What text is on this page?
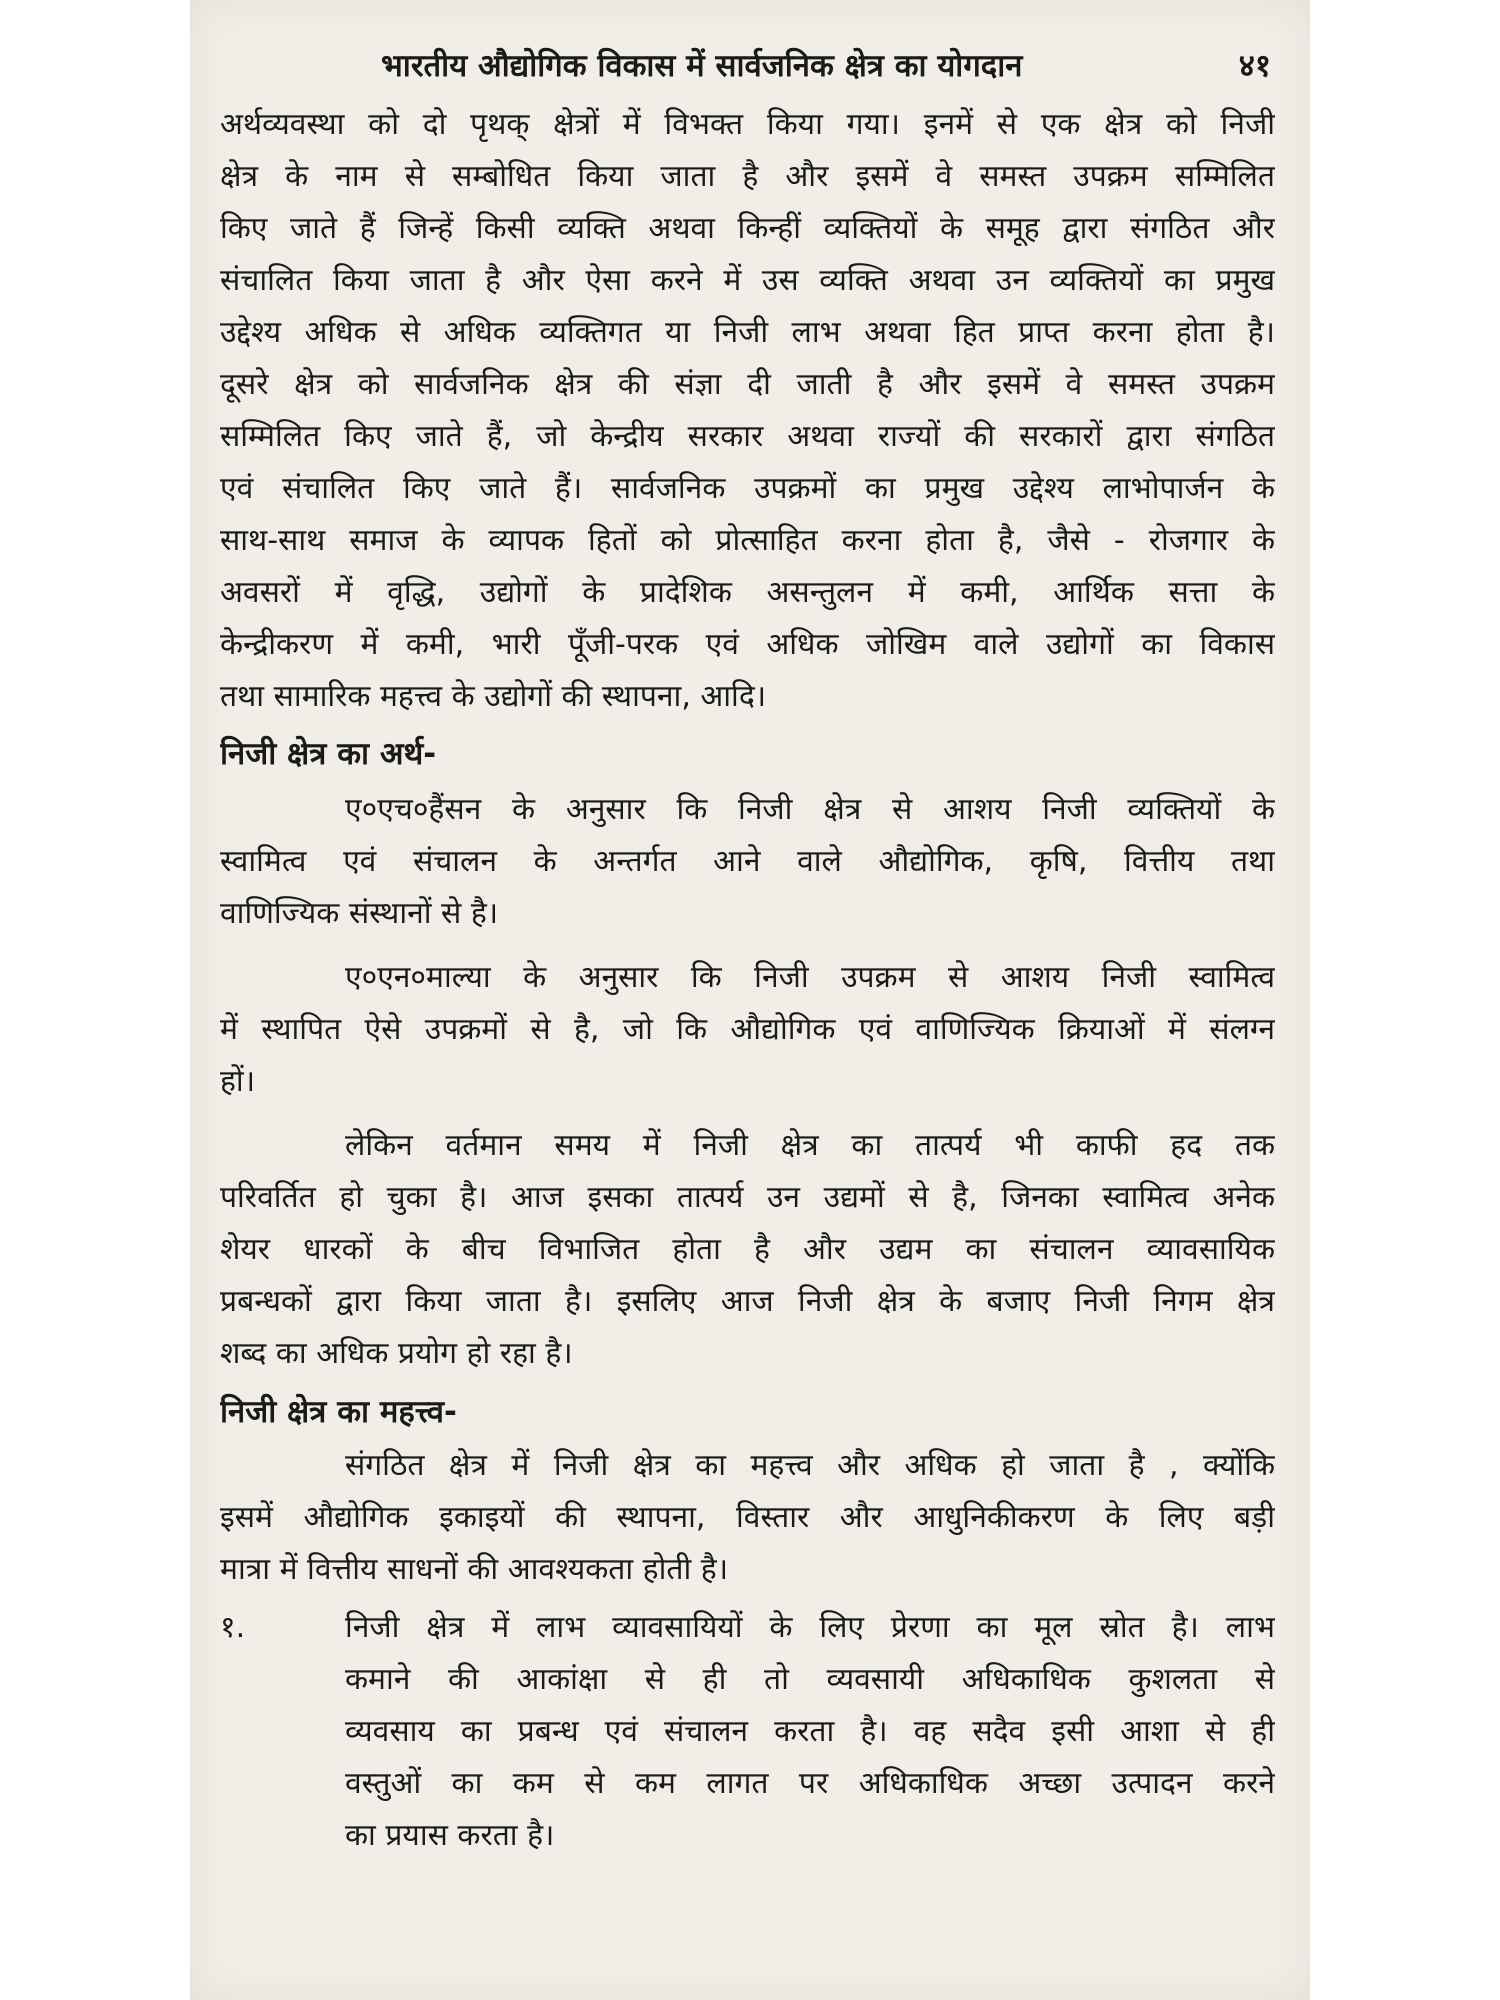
भारतीय औद्योगिक विकास में सार्वजनिक क्षेत्र का योगदान	४१
अर्थव्यवस्था को दो पृथक् क्षेत्रों में विभक्त किया गया। इनमें से एक क्षेत्र को निजी
क्षेत्र के नाम से सम्बोधित किया जाता है और इसमें वे समस्त उपक्रम सम्मिलित
किए जाते हैं जिन्हें किसी व्यक्ति अथवा किन्हीं व्यक्तियों के समूह द्वारा संगठित और
संचालित किया जाता है और ऐसा करने में उस व्यक्ति अथवा उन व्यक्तियों का प्रमुख
उद्देश्य अधिक से अधिक व्यक्तिगत या निजी लाभ अथवा हित प्राप्त करना होता है।
दूसरे क्षेत्र को सार्वजनिक क्षेत्र की संज्ञा दी जाती है और इसमें वे समस्त उपक्रम
सम्मिलित किए जाते हैं, जो केन्द्रीय सरकार अथवा राज्यों की सरकारों द्वारा संगठित
एवं संचालित किए जाते हैं। सार्वजनिक उपक्रमों का प्रमुख उद्देश्य लाभोपार्जन के
साथ-साथ समाज के व्यापक हितों को प्रोत्साहित करना होता है, जैसे - रोजगार के
अवसरों में वृद्धि, उद्योगों के प्रादेशिक असन्तुलन में कमी, आर्थिक सत्ता के
केन्द्रीकरण में कमी, भारी पूँजी-परक एवं अधिक जोखिम वाले उद्योगों का विकास
तथा सामारिक महत्त्व के उद्योगों की स्थापना, आदि।
निजी क्षेत्र का अर्थ-
ए०एच०हैंसन के अनुसार कि निजी क्षेत्र से आशय निजी व्यक्तियों के
स्वामित्व एवं संचालन के अन्तर्गत आने वाले औद्योगिक, कृषि, वित्तीय तथा
वाणिज्यिक संस्थानों से है।
ए०एन०माल्या के अनुसार कि निजी उपक्रम से आशय निजी स्वामित्व
में स्थापित ऐसे उपक्रमों से है, जो कि औद्योगिक एवं वाणिज्यिक क्रियाओं में संलग्न
हों।
लेकिन वर्तमान समय में निजी क्षेत्र का तात्पर्य भी काफी हद तक
परिवर्तित हो चुका है। आज इसका तात्पर्य उन उद्यमों से है, जिनका स्वामित्व अनेक
शेयर धारकों के बीच विभाजित होता है और उद्यम का संचालन व्यावसायिक
प्रबन्धकों द्वारा किया जाता है। इसलिए आज निजी क्षेत्र के बजाए निजी निगम क्षेत्र
शब्द का अधिक प्रयोग हो रहा है।
निजी क्षेत्र का महत्त्व-
संगठित क्षेत्र में निजी क्षेत्र का महत्त्व और अधिक हो जाता है , क्योंकि
इसमें औद्योगिक इकाइयों की स्थापना, विस्तार और आधुनिकीकरण के लिए बड़ी
मात्रा में वित्तीय साधनों की आवश्यकता होती है।
१.	निजी क्षेत्र में लाभ व्यावसायियों के लिए प्रेरणा का मूल स्रोत है। लाभ
कमाने की आकांक्षा से ही तो व्यवसायी अधिकाधिक कुशलता से
व्यवसाय का प्रबन्ध एवं संचालन करता है। वह सदैव इसी आशा से ही
वस्तुओं का कम से कम लागत पर अधिकाधिक अच्छा उत्पादन करने
का प्रयास करता है।
